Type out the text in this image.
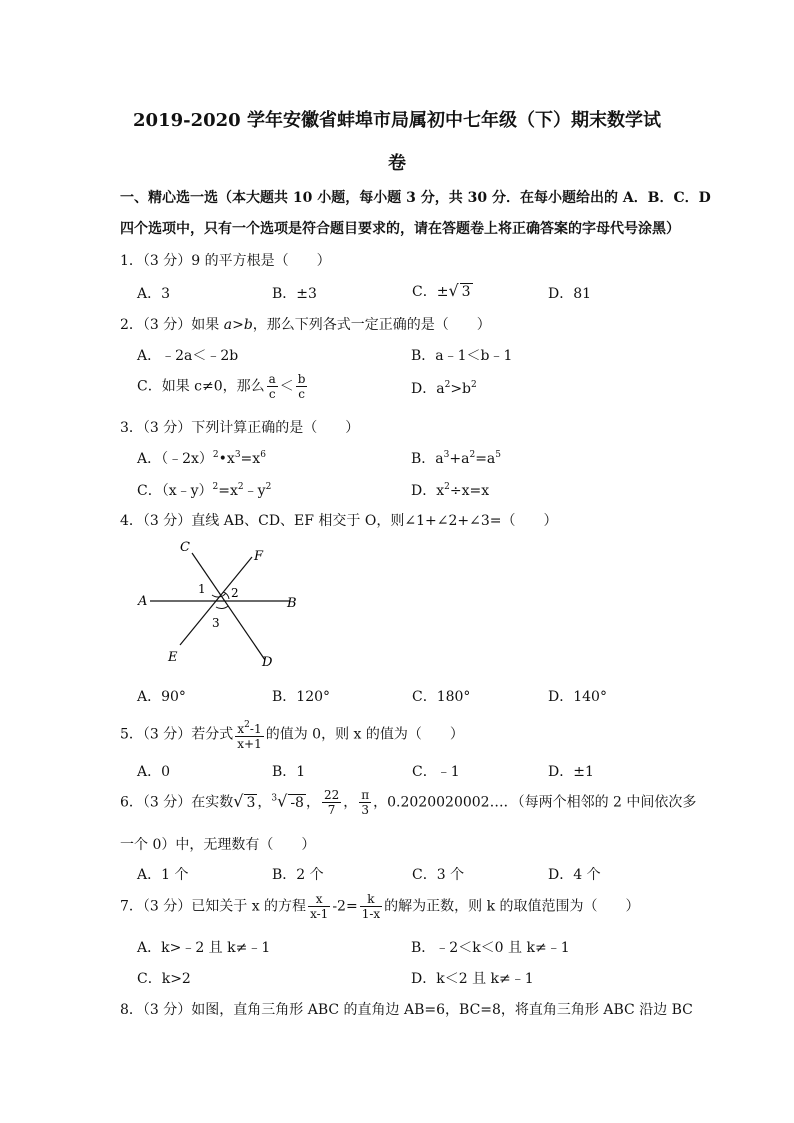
2019-2020 学年安徽省蚌埠市局属初中七年级（下）期末数学试
卷
一、精心选一选（本大题共 10 小题，每小题 3 分，共 30 分．在每小题给出的 A．B．C．D
四个选项中，只有一个选项是符合题目要求的，请在答题卷上将正确答案的字母代号涂黑）
1．（3 分）9 的平方根是（　　）
A．3	B．±3	C．±√ 3	D．81
2．（3 分）如果 a>b，那么下列各式一定正确的是（　　）
A．﹣2a＜﹣2b	B．a﹣1＜b﹣1
C．如果 c≠0，那么 $\frac{a}{c} < \frac{b}{c}$	D．$a^2>b^2$
3．（3 分）下列计算正确的是（　　）
A．$(﹣2x)^2•x^3=x^6$	B．$a^3+a^2=a^5$
C．$(x﹣y)^2=x^2﹣y^2$	D．$x^2\div x=x$
4．（3 分）直线 AB、CD、EF 相交于 O，则∠1+∠2+∠3=（　　）
A	B
C
D
E
F
1 2
3
A．90°	B．120°	C．180°	D．140°
5．（3 分）若分式 $\frac{x^2-1}{x+1}$ 的值为 0，则 x 的值为（　　）
A．0	B．1	C．﹣1	D．±1
6．（3 分）在实数√ 3 ，$^3$√ -8 ， $\frac{22}{7}$ ， $\frac{\pi}{3}$ ，0.2020020002…．（每两个相邻的 2 中间依次多
一个 0）中，无理数有（　　）
A．1 个	B．2 个	C．3 个	D．4 个
7．（3 分）已知关于 x 的方程 $\frac{x}{x-1} -2= \frac{k}{1-x}$ 的解为正数，则 k 的取值范围为（　　）
A．k>﹣2 且 k≠﹣1	B．﹣2＜k＜0 且 k≠﹣1
C．k>2	D．k＜2 且 k≠﹣1
8．（3 分）如图，直角三角形 ABC 的直角边 AB=6，BC=8，将直角三角形 ABC 沿边 BC
